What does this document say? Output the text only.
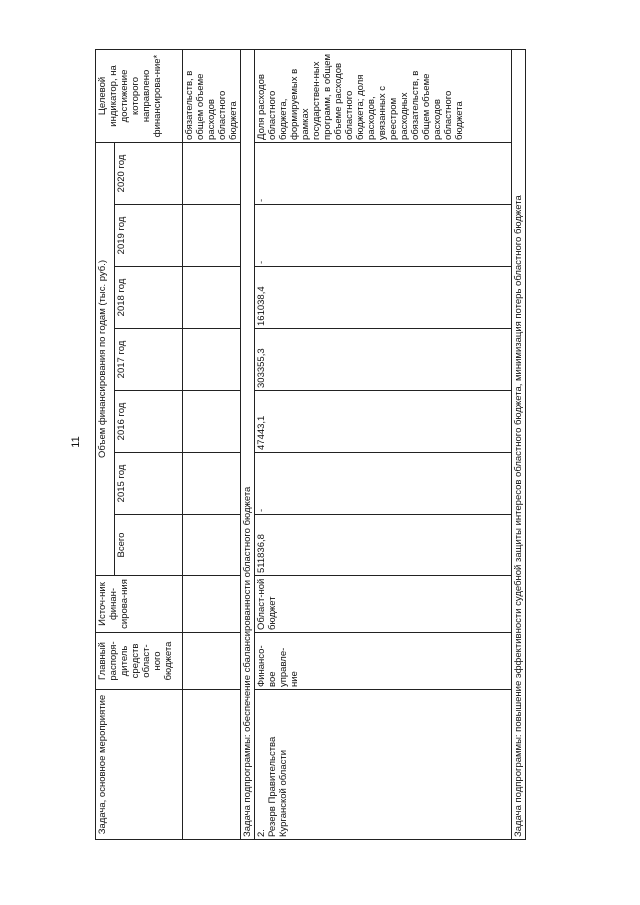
11
Задача, основное мероприятие	Главный распоря-дитель средств област-ного бюджета	Источ-ник финан-сирова-ния	Объем финансирования по годам (тыс. руб.)							Целевой индикатор, на достижение которого направлено финансирова-ние*
			Всего	2015 год	2016 год	2017 год	2018 год	2019 год	2020 год	
										обязательств, в общем объеме расходов областного бюджета
Задача подпрограммы: обеспечение сбалансированности областного бюджета										

2. Резерв Правительства Курганской области	Финансо-вое управле-ние	Област-ной бюджет	511836,8	-	47443,1	303355,3	161038,4	-	-	Доля расходов областного бюджета, формируемых в рамках государствен-ных программ, в общем объеме расходов областного бюджета; доля расходов, увязанных с реестром расходных обязательств, в общем объеме расходов областного бюджета
Задача подпрограммы: повышение эффективности судебной защиты интересов областного бюджета, минимизация потерь областного бюджета										
